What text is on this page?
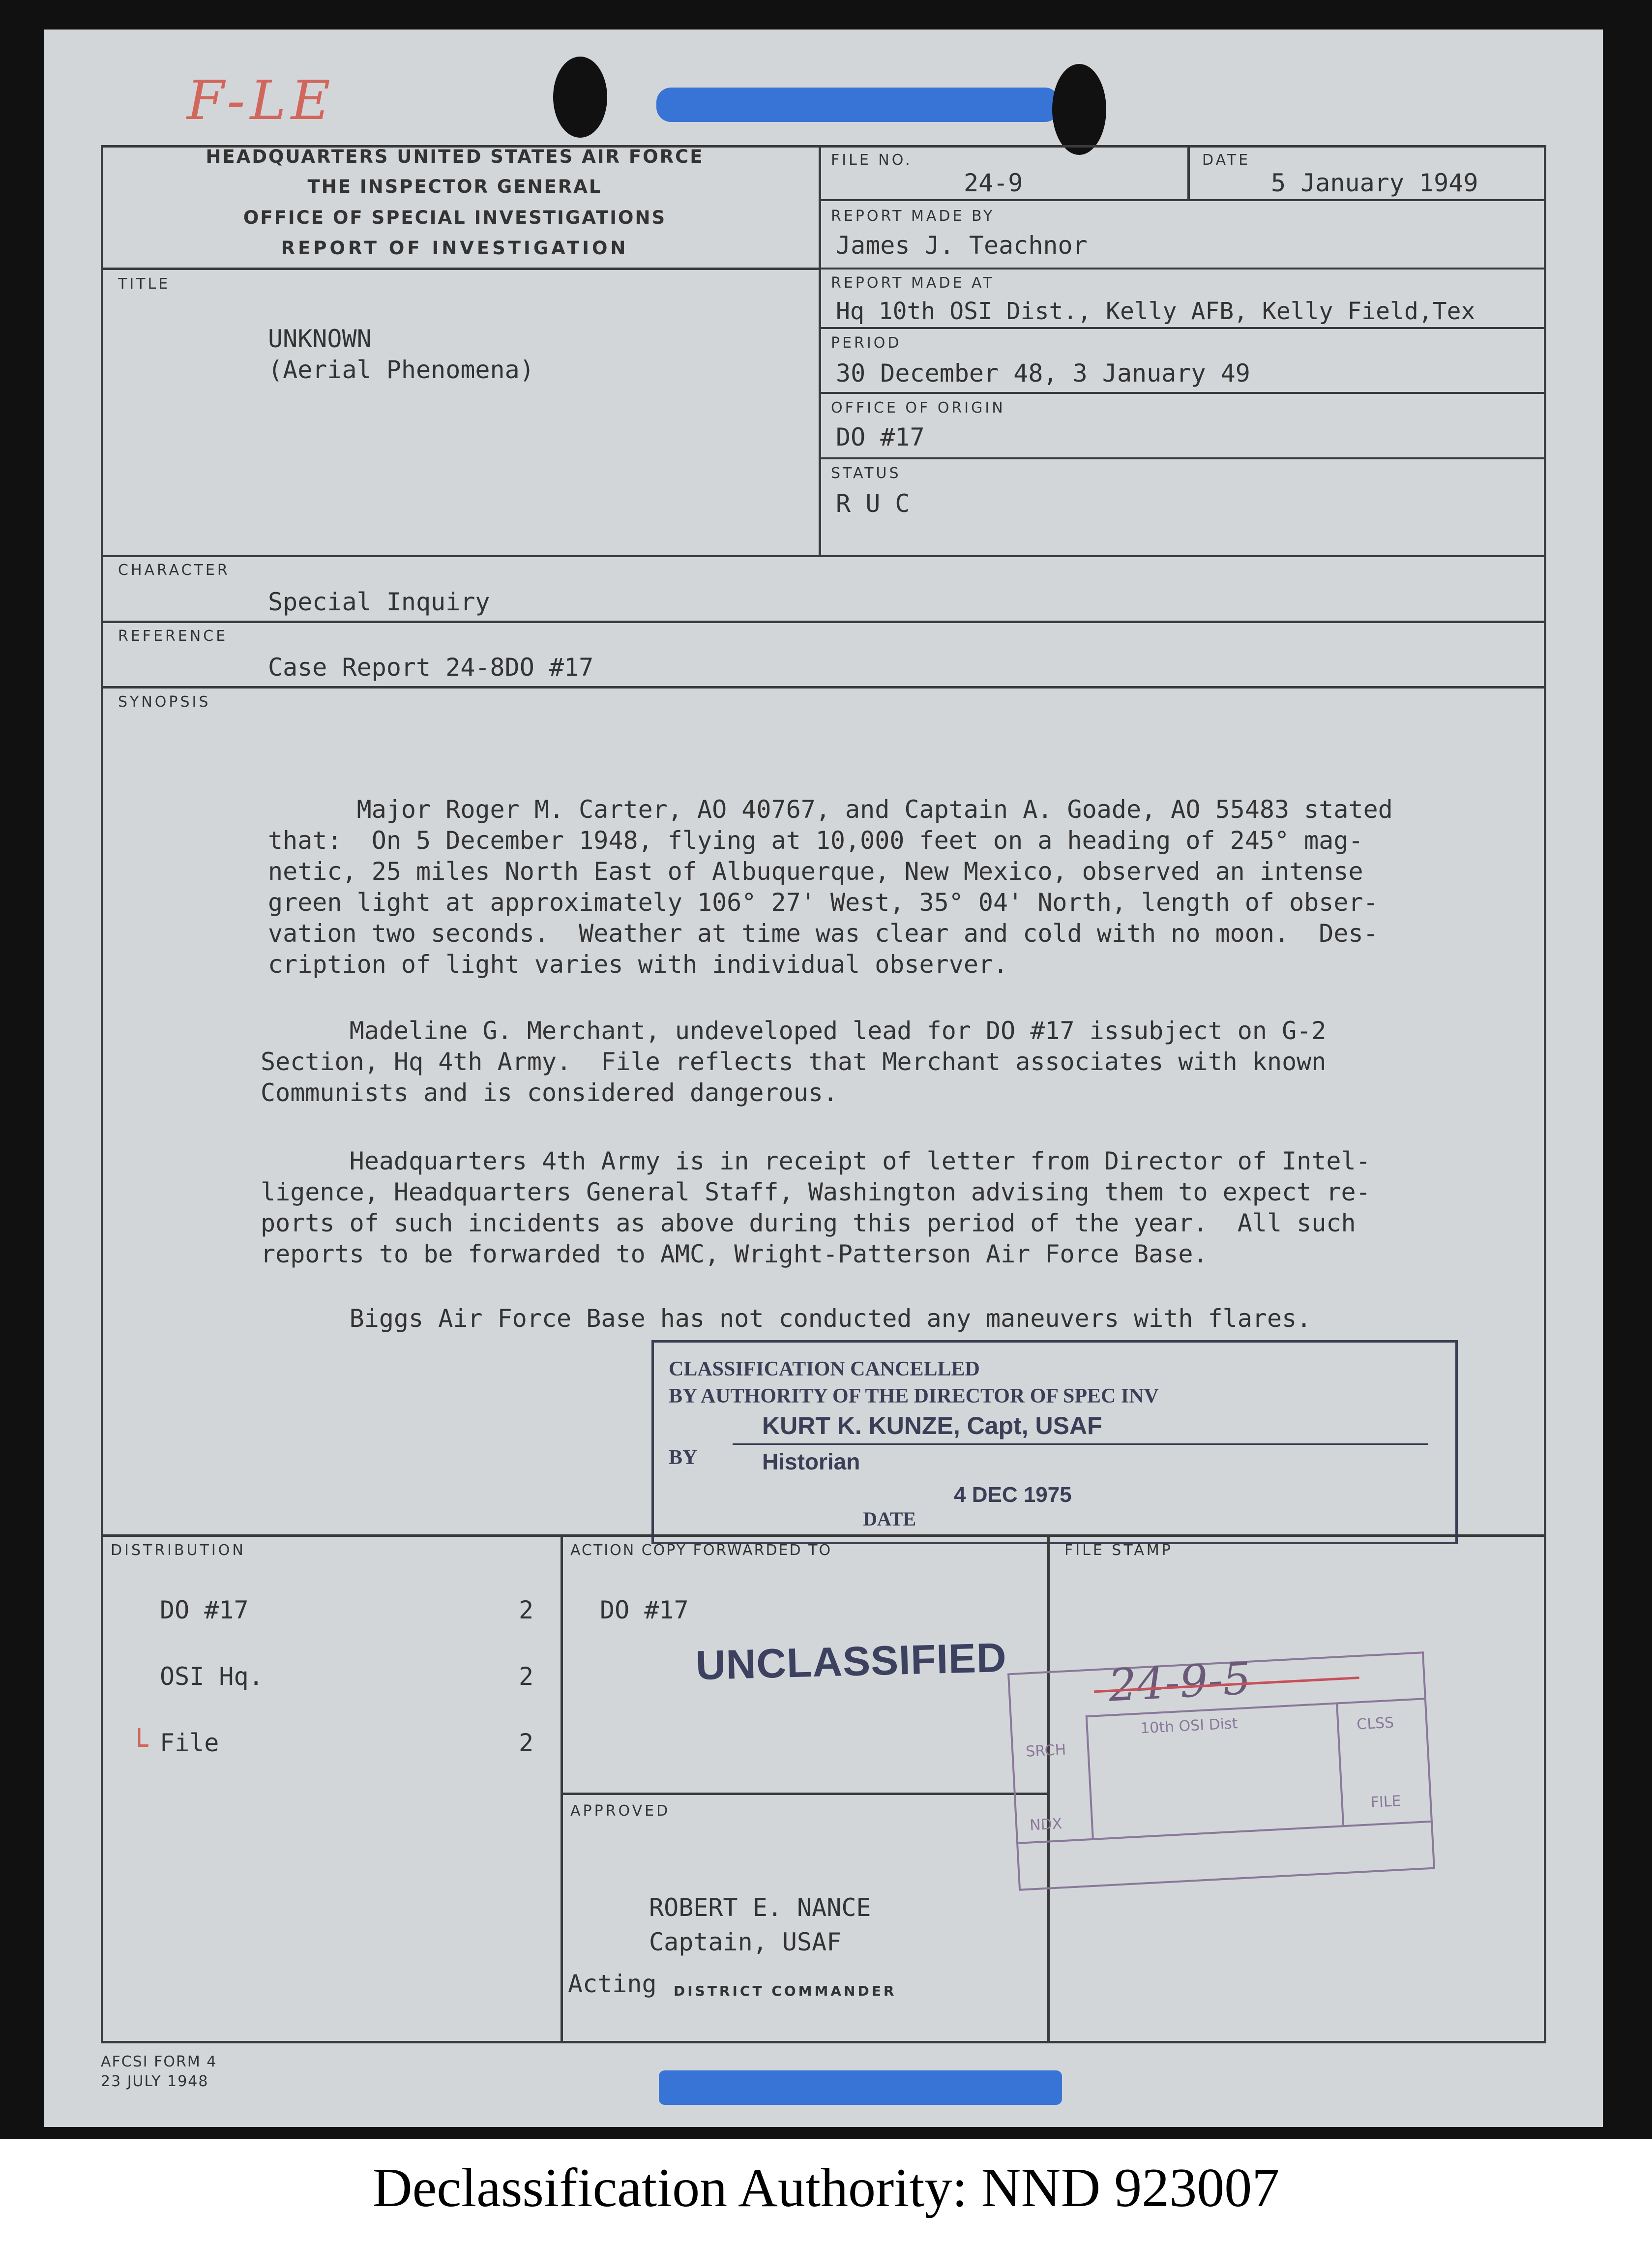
F-LE
HEADQUARTERS UNITED STATES AIR FORCE
THE INSPECTOR GENERAL
OFFICE OF SPECIAL INVESTIGATIONS
REPORT OF INVESTIGATION
FILE NO.
24-9
DATE
5 January 1949
REPORT MADE BY
James J. Teachnor
REPORT MADE AT
Hq 10th OSI Dist., Kelly AFB, Kelly Field,Tex
PERIOD
30 December 48, 3 January 49
OFFICE OF ORIGIN
DO #17
STATUS
R U C
TITLE
UNKNOWN
(Aerial Phenomena)
CHARACTER
Special Inquiry
REFERENCE
Case Report 24-8DO #17
SYNOPSIS
Major Roger M. Carter, AO 40767, and Captain A. Goade, AO 55483 stated
that:  On 5 December 1948, flying at 10,000 feet on a heading of 245° mag-
netic, 25 miles North East of Albuquerque, New Mexico, observed an intense
green light at approximately 106° 27' West, 35° 04' North, length of obser-
vation two seconds.  Weather at time was clear and cold with no moon.  Des-
cription of light varies with individual observer.
Madeline G. Merchant, undeveloped lead for DO #17 issubject on G-2
Section, Hq 4th Army.  File reflects that Merchant associates with known
Communists and is considered dangerous.
Headquarters 4th Army is in receipt of letter from Director of Intel-
ligence, Headquarters General Staff, Washington advising them to expect re-
ports of such incidents as above during this period of the year.  All such
reports to be forwarded to AMC, Wright-Patterson Air Force Base.
Biggs Air Force Base has not conducted any maneuvers with flares.
CLASSIFICATION CANCELLED
BY AUTHORITY OF THE DIRECTOR OF SPEC INV
KURT K. KUNZE, Capt, USAF
BY	Historian
4 DEC 1975
DATE
DISTRIBUTION
DO #17	2
OSI Hq.	2
└ File	2
ACTION COPY FORWARDED TO
DO #17
UNCLASSIFIED
APPROVED
ROBERT E. NANCE
Captain, USAF
Acting DISTRICT COMMANDER
FILE STAMP
24-9-5
10th OSI Dist
SRCH
CLSS
FILE
NDX
AFCSI FORM 4
23 JULY 1948
Declassification Authority: NND 923007
